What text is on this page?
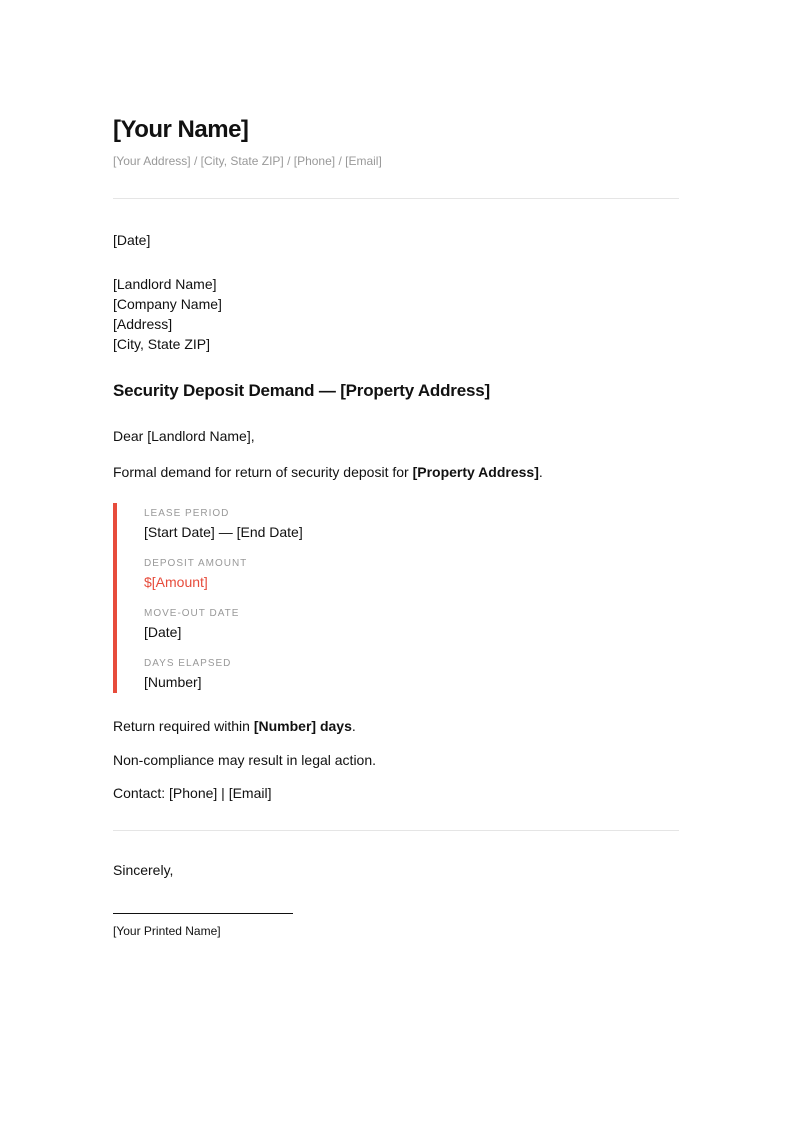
[Your Name]
[Your Address] / [City, State ZIP] / [Phone] / [Email]

[Date]

[Landlord Name]
[Company Name]
[Address]
[City, State ZIP]
Security Deposit Demand — [Property Address]

Dear [Landlord Name],

Formal demand for return of security deposit for [Property Address].

LEASE PERIOD
[Start Date] — [End Date]
DEPOSIT AMOUNT
$[Amount]
MOVE-OUT DATE
[Date]
DAYS ELAPSED
[Number]

Return required within [Number] days.

Non-compliance may result in legal action.

Contact: [Phone] | [Email]

Sincerely,

[Your Printed Name]
